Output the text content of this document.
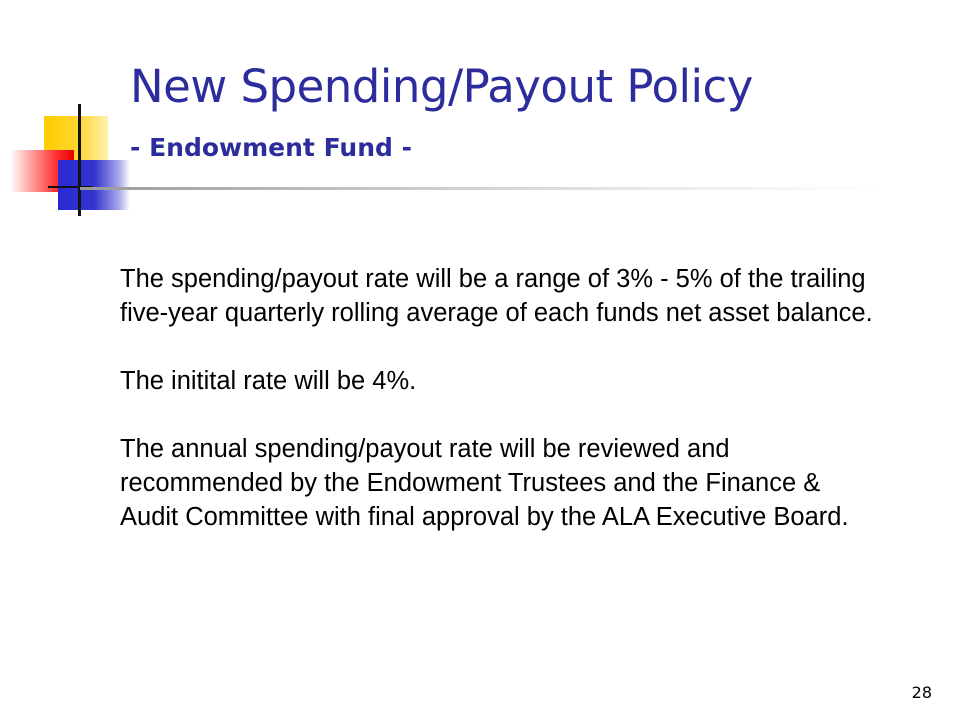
New Spending/Payout Policy
- Endowment Fund -

The spending/payout rate will be a range of 3% - 5% of the trailing five-year quarterly rolling average of each funds net asset balance.

The initital rate will be 4%.

The annual spending/payout rate will be reviewed and recommended by the Endowment Trustees and the Finance & Audit Committee with final approval by the ALA Executive Board.

28
